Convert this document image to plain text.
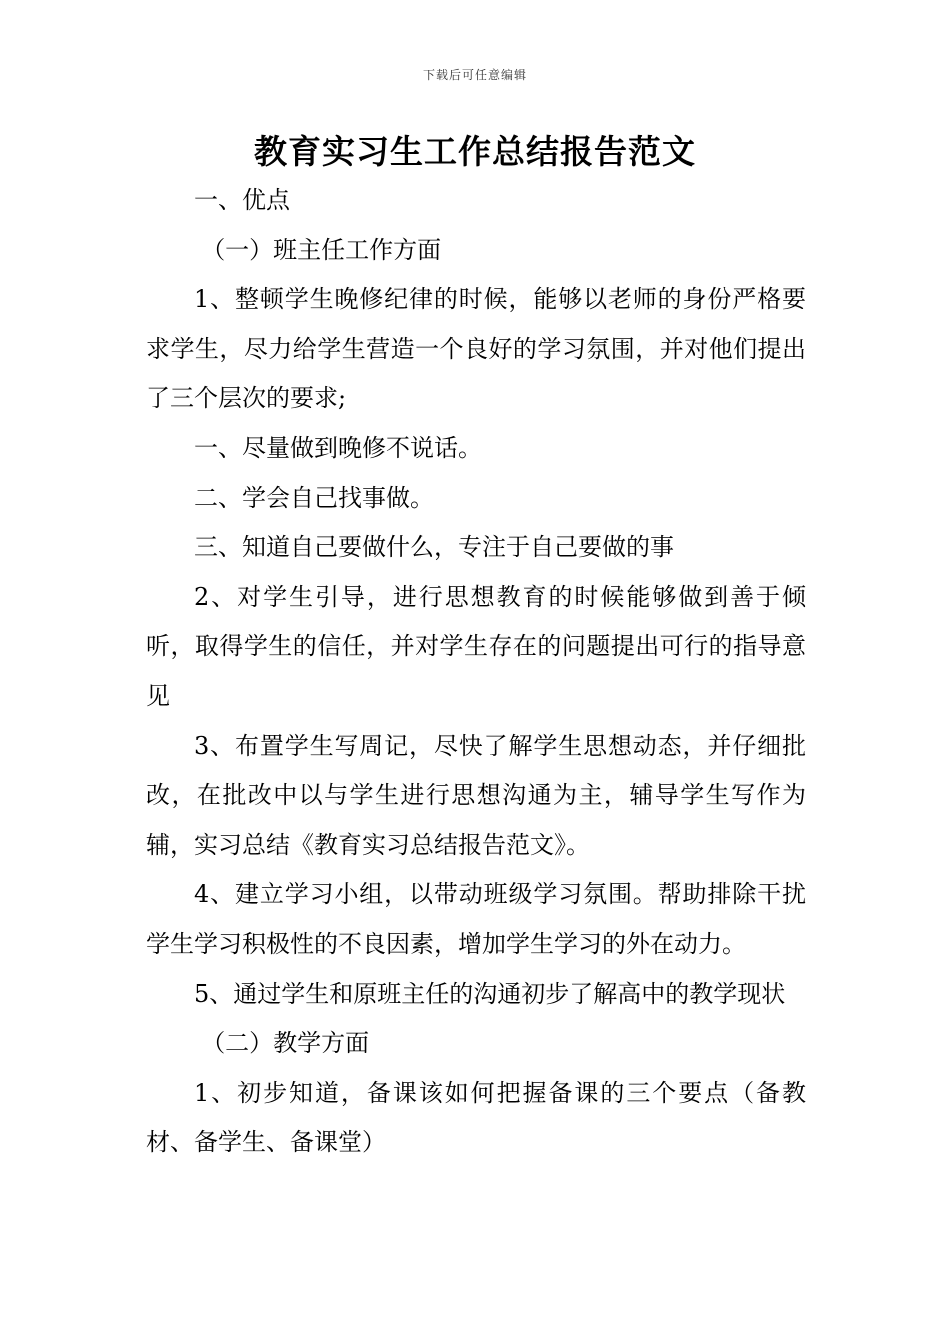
下载后可任意编辑
教育实习生工作总结报告范文

一、优点

（一）班主任工作方面

1、整顿学生晚修纪律的时候，能够以老师的身份严格要求学生，尽力给学生营造一个良好的学习氛围，并对他们提出了三个层次的要求;

一、尽量做到晚修不说话。

二、学会自己找事做。

三、知道自己要做什么，专注于自己要做的事

2、对学生引导，进行思想教育的时候能够做到善于倾听，取得学生的信任，并对学生存在的问题提出可行的指导意见

3、布置学生写周记，尽快了解学生思想动态，并仔细批改，在批改中以与学生进行思想沟通为主，辅导学生写作为辅，实习总结《教育实习总结报告范文》。

4、建立学习小组，以带动班级学习氛围。帮助排除干扰学生学习积极性的不良因素，增加学生学习的外在动力。

5、通过学生和原班主任的沟通初步了解高中的教学现状

（二）教学方面

1、初步知道，备课该如何把握备课的三个要点（备教材、备学生、备课堂）
